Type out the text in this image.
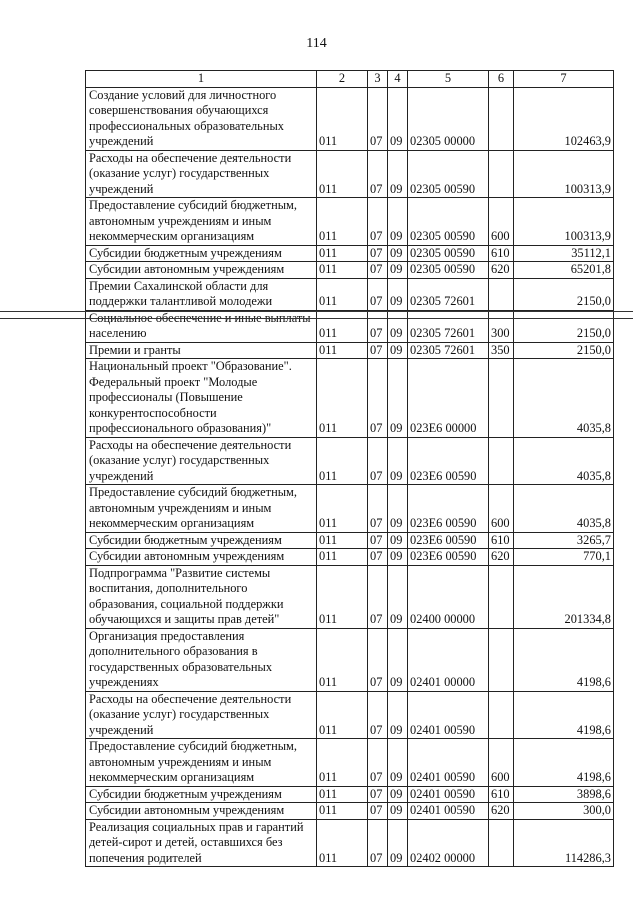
114
1	2	3	4	5	6	7
Создание условий для личностного совершенствования обучающихся профессиональных образовательных учреждений	011	07	09	02305 00000		102463,9
Расходы на обеспечение деятельности (оказание услуг) государственных учреждений	011	07	09	02305 00590		100313,9
Предоставление субсидий бюджетным, автономным учреждениям и иным некоммерческим организациям	011	07	09	02305 00590	600	100313,9
Субсидии бюджетным учреждениям	011	07	09	02305 00590	610	35112,1
Субсидии автономным учреждениям	011	07	09	02305 00590	620	65201,8
Премии Сахалинской области для поддержки талантливой молодежи	011	07	09	02305 72601		2150,0
Социальное обеспечение и иные выплаты населению	011	07	09	02305 72601	300	2150,0
Премии и гранты	011	07	09	02305 72601	350	2150,0
Национальный проект "Образование". Федеральный проект "Молодые профессионалы (Повышение конкурентоспособности профессионального образования)"	011	07	09	023E6 00000		4035,8
Расходы на обеспечение деятельности (оказание услуг) государственных учреждений	011	07	09	023E6 00590		4035,8
Предоставление субсидий бюджетным, автономным учреждениям и иным некоммерческим организациям	011	07	09	023E6 00590	600	4035,8
Субсидии бюджетным учреждениям	011	07	09	023E6 00590	610	3265,7
Субсидии автономным учреждениям	011	07	09	023E6 00590	620	770,1
Подпрограмма "Развитие системы воспитания, дополнительного образования, социальной поддержки обучающихся и защиты прав детей"	011	07	09	02400 00000		201334,8
Организация предоставления дополнительного образования в государственных образовательных учреждениях	011	07	09	02401 00000		4198,6
Расходы на обеспечение деятельности (оказание услуг) государственных учреждений	011	07	09	02401 00590		4198,6
Предоставление субсидий бюджетным, автономным учреждениям и иным некоммерческим организациям	011	07	09	02401 00590	600	4198,6
Субсидии бюджетным учреждениям	011	07	09	02401 00590	610	3898,6
Субсидии автономным учреждениям	011	07	09	02401 00590	620	300,0
Реализация социальных прав и гарантий детей-сирот и детей, оставшихся без попечения родителей	011	07	09	02402 00000		114286,3
